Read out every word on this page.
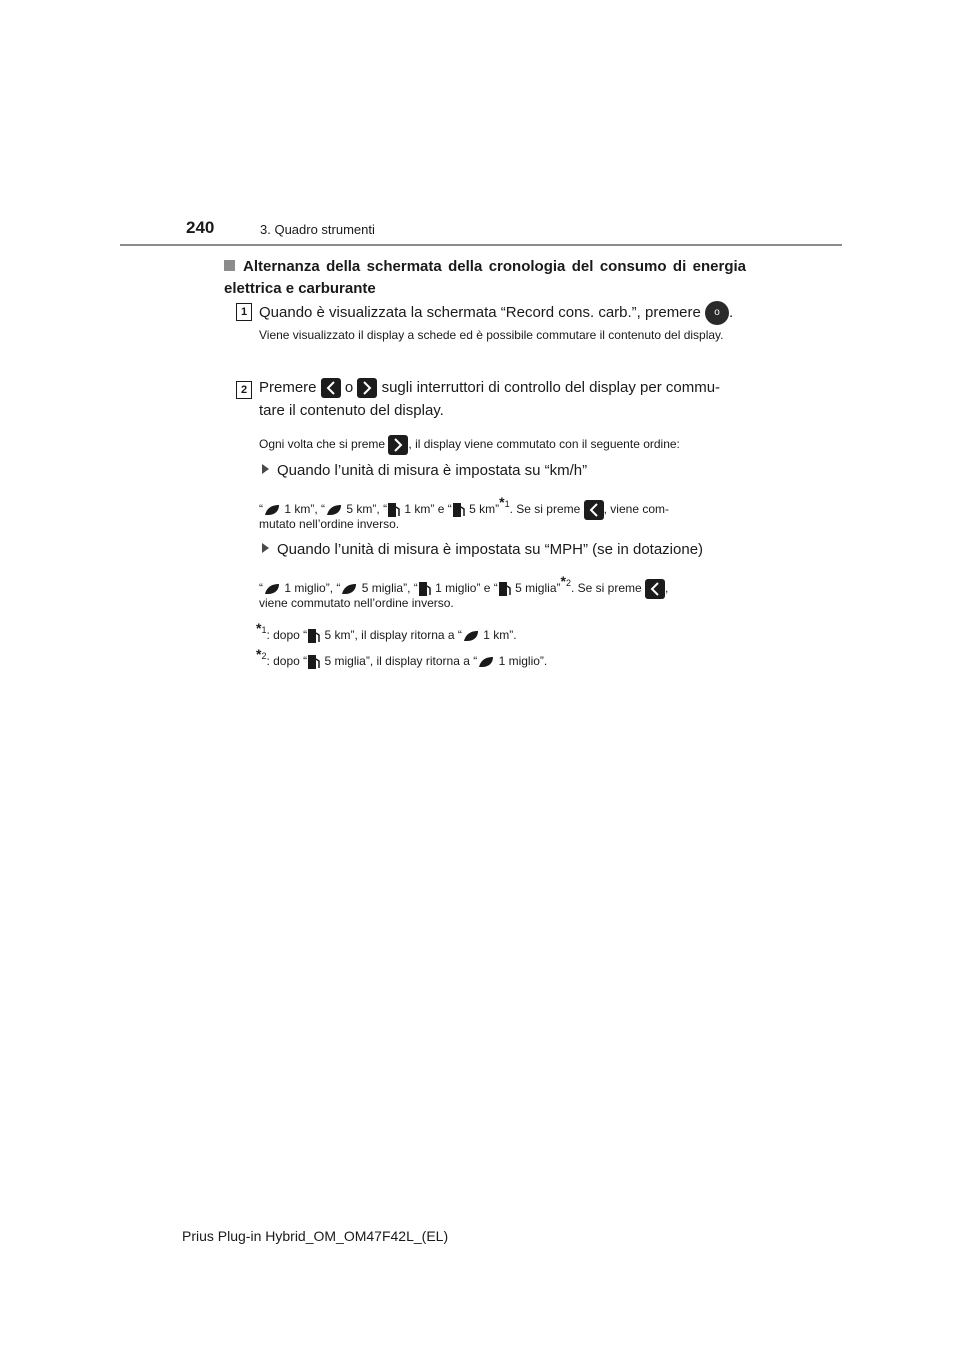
240	3. Quadro strumenti
Alternanza della schermata della cronologia del consumo di energia elettrica e carburante
1 Quando è visualizzata la schermata “Record cons. carb.”, premere o .
Viene visualizzato il display a schede ed è possibile commutare il contenuto del display.
2 Premere o sugli interruttori di controllo del display per commu-
tare il contenuto del display.
Ogni volta che si preme , il display viene commutato con il seguente ordine:
Quando l’unità di misura è impostata su “km/h”
“ 1 km”, “ 5 km”, “ 1 km” e “ 5 km”$^{*1}$. Se si preme , viene com-
mutato nell’ordine inverso.
Quando l’unità di misura è impostata su “MPH” (se in dotazione)
“ 1 miglio”, “ 5 miglia”, “ 1 miglio” e “ 5 miglia”$^{*2}$. Se si preme ,
viene commutato nell’ordine inverso.
$^{*1}$: dopo “ 5 km”, il display ritorna a “ 1 km”.
$^{*2}$: dopo “ 5 miglia”, il display ritorna a “ 1 miglio”.
Prius Plug-in Hybrid_OM_OM47F42L_(EL)
